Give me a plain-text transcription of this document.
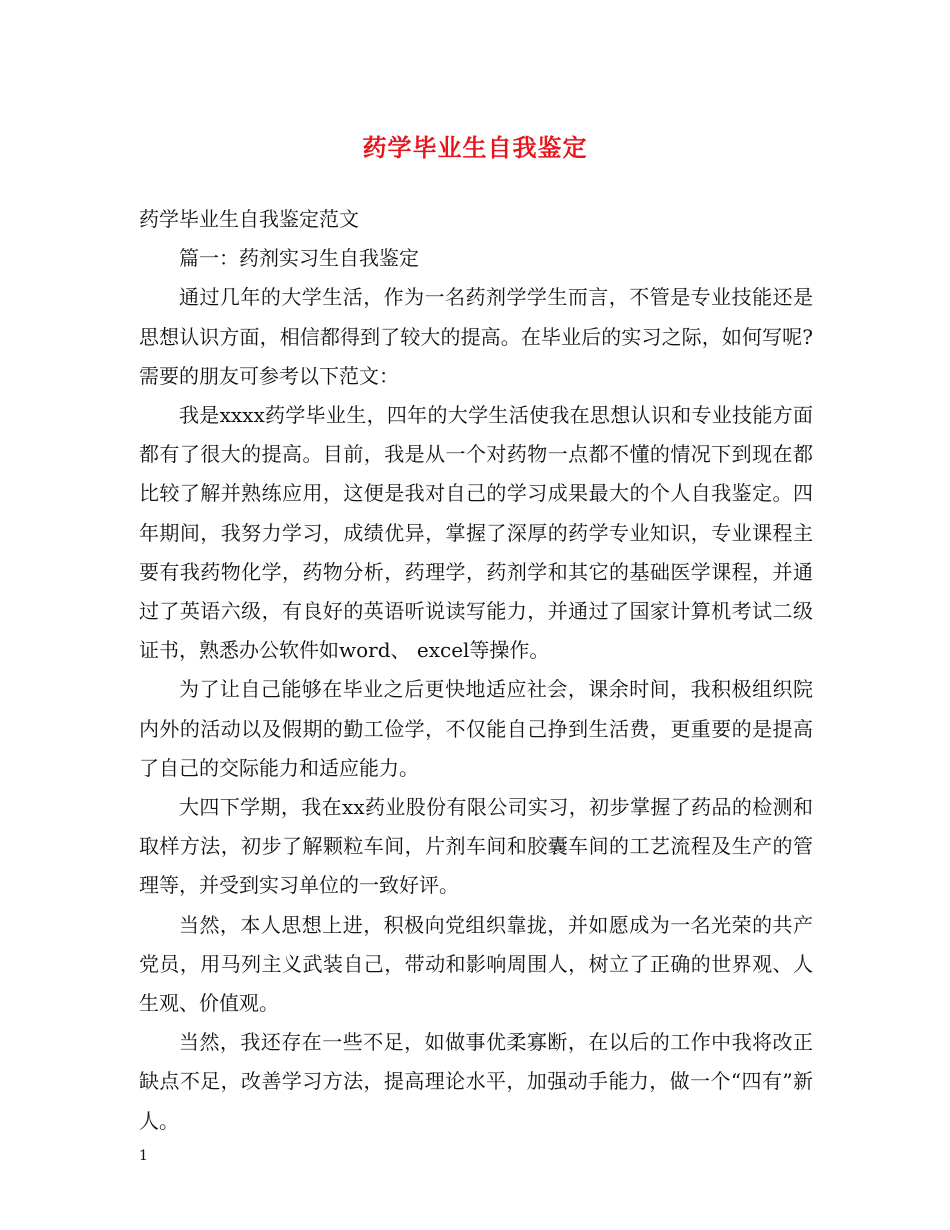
药学毕业生自我鉴定

药学毕业生自我鉴定范文

篇一：药剂实习生自我鉴定

通过几年的大学生活，作为一名药剂学学生而言，不管是专业技能还是思想认识方面，相信都得到了较大的提高。在毕业后的实习之际，如何写呢?需要的朋友可参考以下范文：

我是xxxx药学毕业生，四年的大学生活使我在思想认识和专业技能方面都有了很大的提高。目前，我是从一个对药物一点都不懂的情况下到现在都比较了解并熟练应用，这便是我对自己的学习成果最大的个人自我鉴定。四年期间，我努力学习，成绩优异，掌握了深厚的药学专业知识，专业课程主要有我药物化学，药物分析，药理学，药剂学和其它的基础医学课程，并通过了英语六级，有良好的英语听说读写能力，并通过了国家计算机考试二级证书，熟悉办公软件如word、 excel等操作。

为了让自己能够在毕业之后更快地适应社会，课余时间，我积极组织院内外的活动以及假期的勤工俭学，不仅能自己挣到生活费，更重要的是提高了自己的交际能力和适应能力。

大四下学期，我在xx药业股份有限公司实习，初步掌握了药品的检测和取样方法，初步了解颗粒车间，片剂车间和胶囊车间的工艺流程及生产的管理等，并受到实习单位的一致好评。

当然，本人思想上进，积极向党组织靠拢，并如愿成为一名光荣的共产党员，用马列主义武装自己，带动和影响周围人，树立了正确的世界观、人生观、价值观。

当然，我还存在一些不足，如做事优柔寡断，在以后的工作中我将改正缺点不足，改善学习方法，提高理论水平，加强动手能力，做一个“四有”新人。

1
